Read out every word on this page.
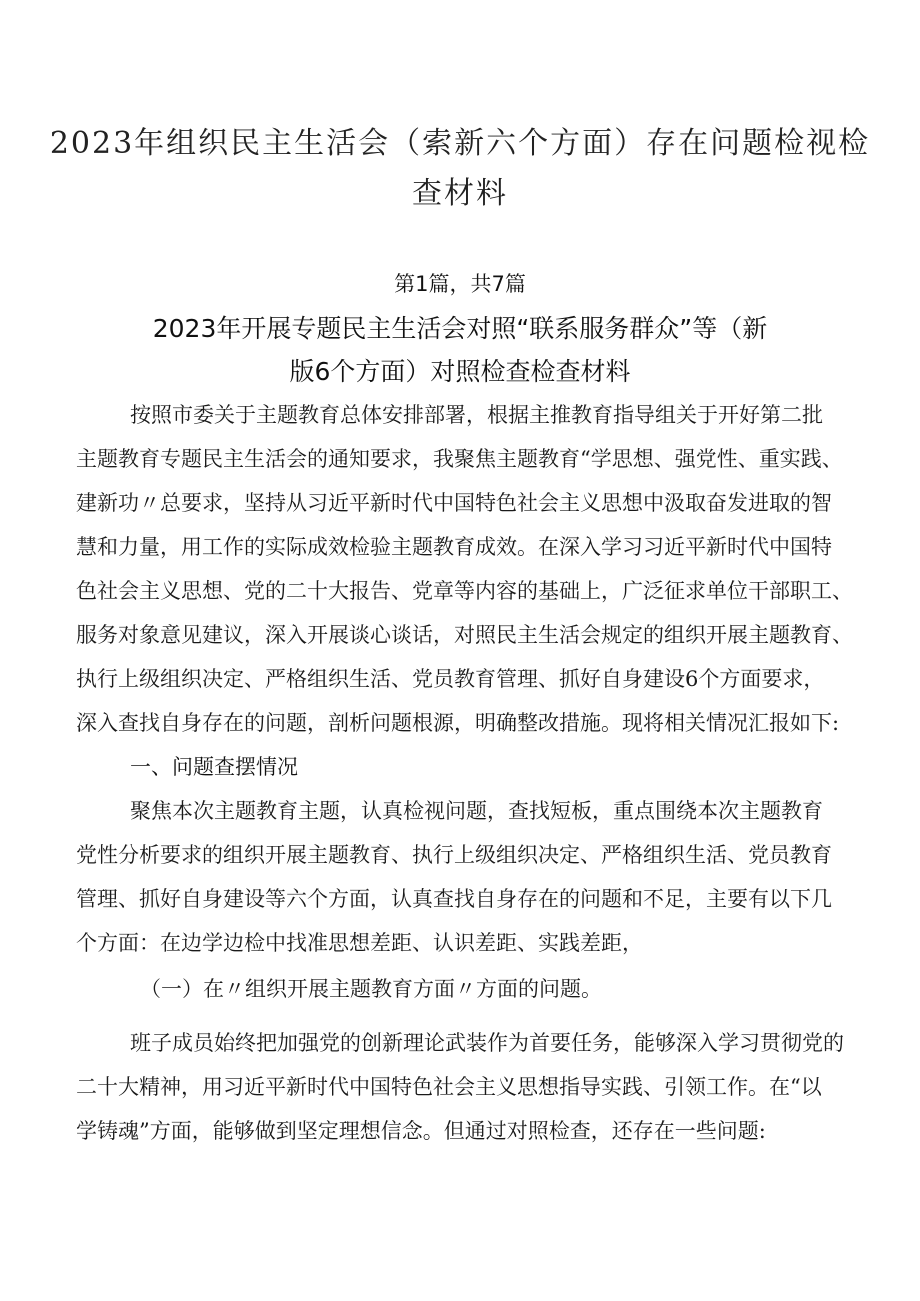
2023年组织民主生活会（索新六个方面）存在问题检视检
查材料
第1篇，共7篇
2023年开展专题民主生活会对照“联系服务群众”等（新
版6个方面）对照检查检查材料
按照市委关于主题教育总体安排部署，根据主推教育指导组关于开好第二批
主题教育专题民主生活会的通知要求，我聚焦主题教育“学思想、强党性、重实践、
建新功〃总要求，坚持从习近平新时代中国特色社会主义思想中汲取奋发进取的智
慧和力量，用工作的实际成效检验主题教育成效。在深入学习习近平新时代中国特
色社会主义思想、党的二十大报告、党章等内容的基础上，广泛征求单位干部职工、
服务对象意见建议，深入开展谈心谈话，对照民主生活会规定的组织开展主题教育、
执行上级组织决定、严格组织生活、党员教育管理、抓好自身建设6个方面要求，
深入查找自身存在的问题，剖析问题根源，明确整改措施。现将相关情况汇报如下:
一、问题查摆情况
聚焦本次主题教育主题，认真检视问题，查找短板，重点围绕本次主题教育
党性分析要求的组织开展主题教育、执行上级组织决定、严格组织生活、党员教育
管理、抓好自身建设等六个方面，认真查找自身存在的问题和不足，主要有以下几
个方面：在边学边检中找准思想差距、认识差距、实践差距，
（一）在〃组织开展主题教育方面〃方面的问题。
班子成员始终把加强党的创新理论武装作为首要任务，能够深入学习贯彻党的
二十大精神，用习近平新时代中国特色社会主义思想指导实践、引领工作。在“以
学铸魂”方面，能够做到坚定理想信念。但通过对照检查，还存在一些问题:
